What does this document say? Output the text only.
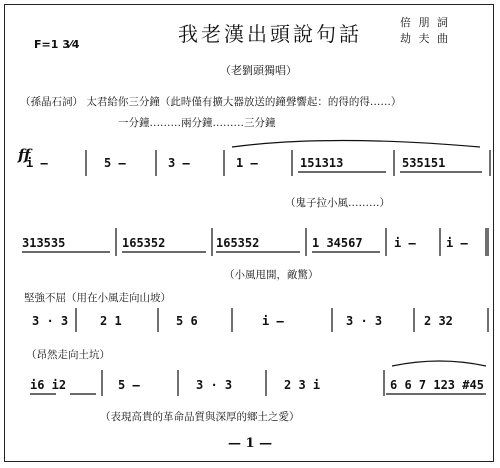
F=1 3⁄4	我老漢出頭說句話	倍 朋 詞
劫 夫 曲
（老劉頭獨唱）
（孫晶石詞） 太君給你三分鐘（此時僅有擴大器放送的鐘聲響起：的得的得……）
一分鐘………兩分鐘………三分鐘
ff
i —	5 —	3 —	1 —	151313	535151
（鬼子拉小風………）
313535	165352	165352	1 34567	i —	i —
（小風甩開，敵驚）
堅強不屈（用在小風走向山坡）
3 · 3	2 1	5 6	i —	3 · 3	2 32
（昂然走向土坑）
i6 i2	5 —	3 · 3	2 3 i	6 6 7 123 #45
（表現高貴的革命品質與深厚的鄉土之愛）
— 1 —
